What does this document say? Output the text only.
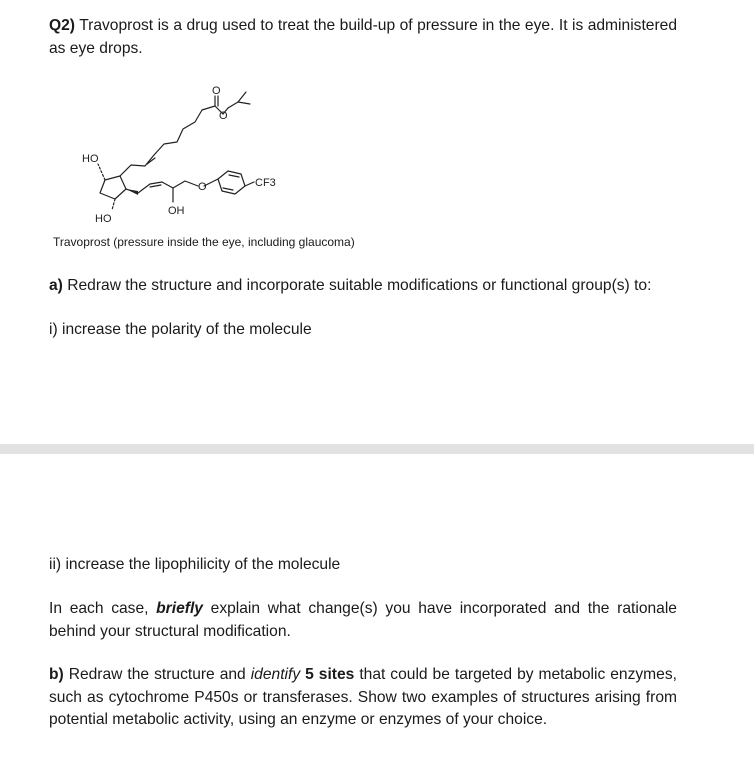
Q2) Travoprost is a drug used to treat the build-up of pressure in the eye. It is administered as eye drops.
O
O
HO
O	CF3
HO
OH
Travoprost (pressure inside the eye, including glaucoma)
a) Redraw the structure and incorporate suitable modifications or functional group(s) to:
i) increase the polarity of the molecule
ii) increase the lipophilicity of the molecule
In each case, briefly explain what change(s) you have incorporated and the rationale behind your structural modification.
b) Redraw the structure and identify 5 sites that could be targeted by metabolic enzymes, such as cytochrome P450s or transferases. Show two examples of structures arising from potential metabolic activity, using an enzyme or enzymes of your choice.
